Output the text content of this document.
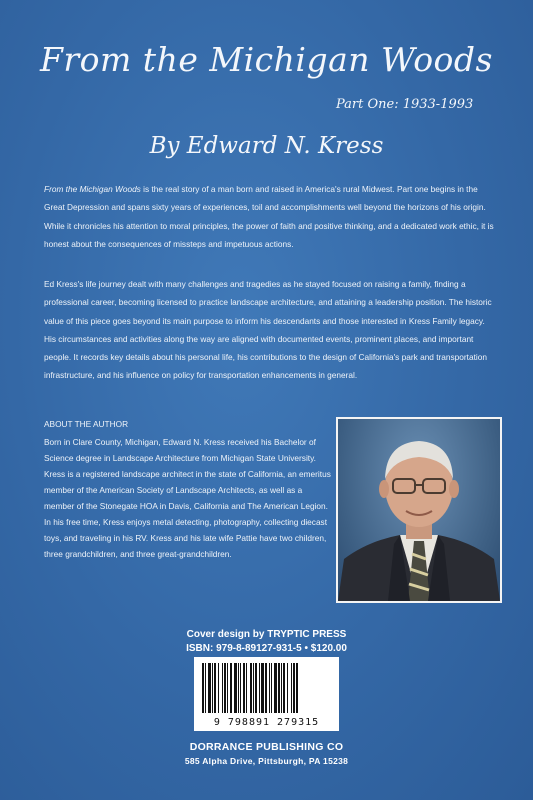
From the Michigan Woods
Part One: 1933-1993
By Edward N. Kress
From the Michigan Woods is the real story of a man born and raised in America's rural Midwest. Part one begins in the Great Depression and spans sixty years of experiences, toil and accomplishments well beyond the horizons of his origin. While it chronicles his attention to moral principles, the power of faith and positive thinking, and a dedicated work ethic, it is honest about the consequences of missteps and impetuous actions.
Ed Kress's life journey dealt with many challenges and tragedies as he stayed focused on raising a family, finding a professional career, becoming licensed to practice landscape architecture, and attaining a leadership position. The historic value of this piece goes beyond its main purpose to inform his descendants and those interested in Kress Family legacy. His circumstances and activities along the way are aligned with documented events, prominent places, and important people. It records key details about his personal life, his contributions to the design of California's park and transportation infrastructure, and his influence on policy for transportation enhancements in general.
ABOUT THE AUTHOR
Born in Clare County, Michigan, Edward N. Kress received his Bachelor of Science degree in Landscape Architecture from Michigan State University. Kress is a registered landscape architect in the state of California, an emeritus member of the American Society of Landscape Architects, as well as a member of the Stonegate HOA in Davis, California and The American Legion. In his free time, Kress enjoys metal detecting, photography, collecting diecast toys, and traveling in his RV. Kress and his late wife Pattie have two children, three grandchildren, and three great-grandchildren.
Cover design by TRYPTIC PRESS
ISBN: 979-8-89127-931-5 • $120.00
9 798891 279315
DORRANCE PUBLISHING CO
585 Alpha Drive, Pittsburgh, PA 15238
